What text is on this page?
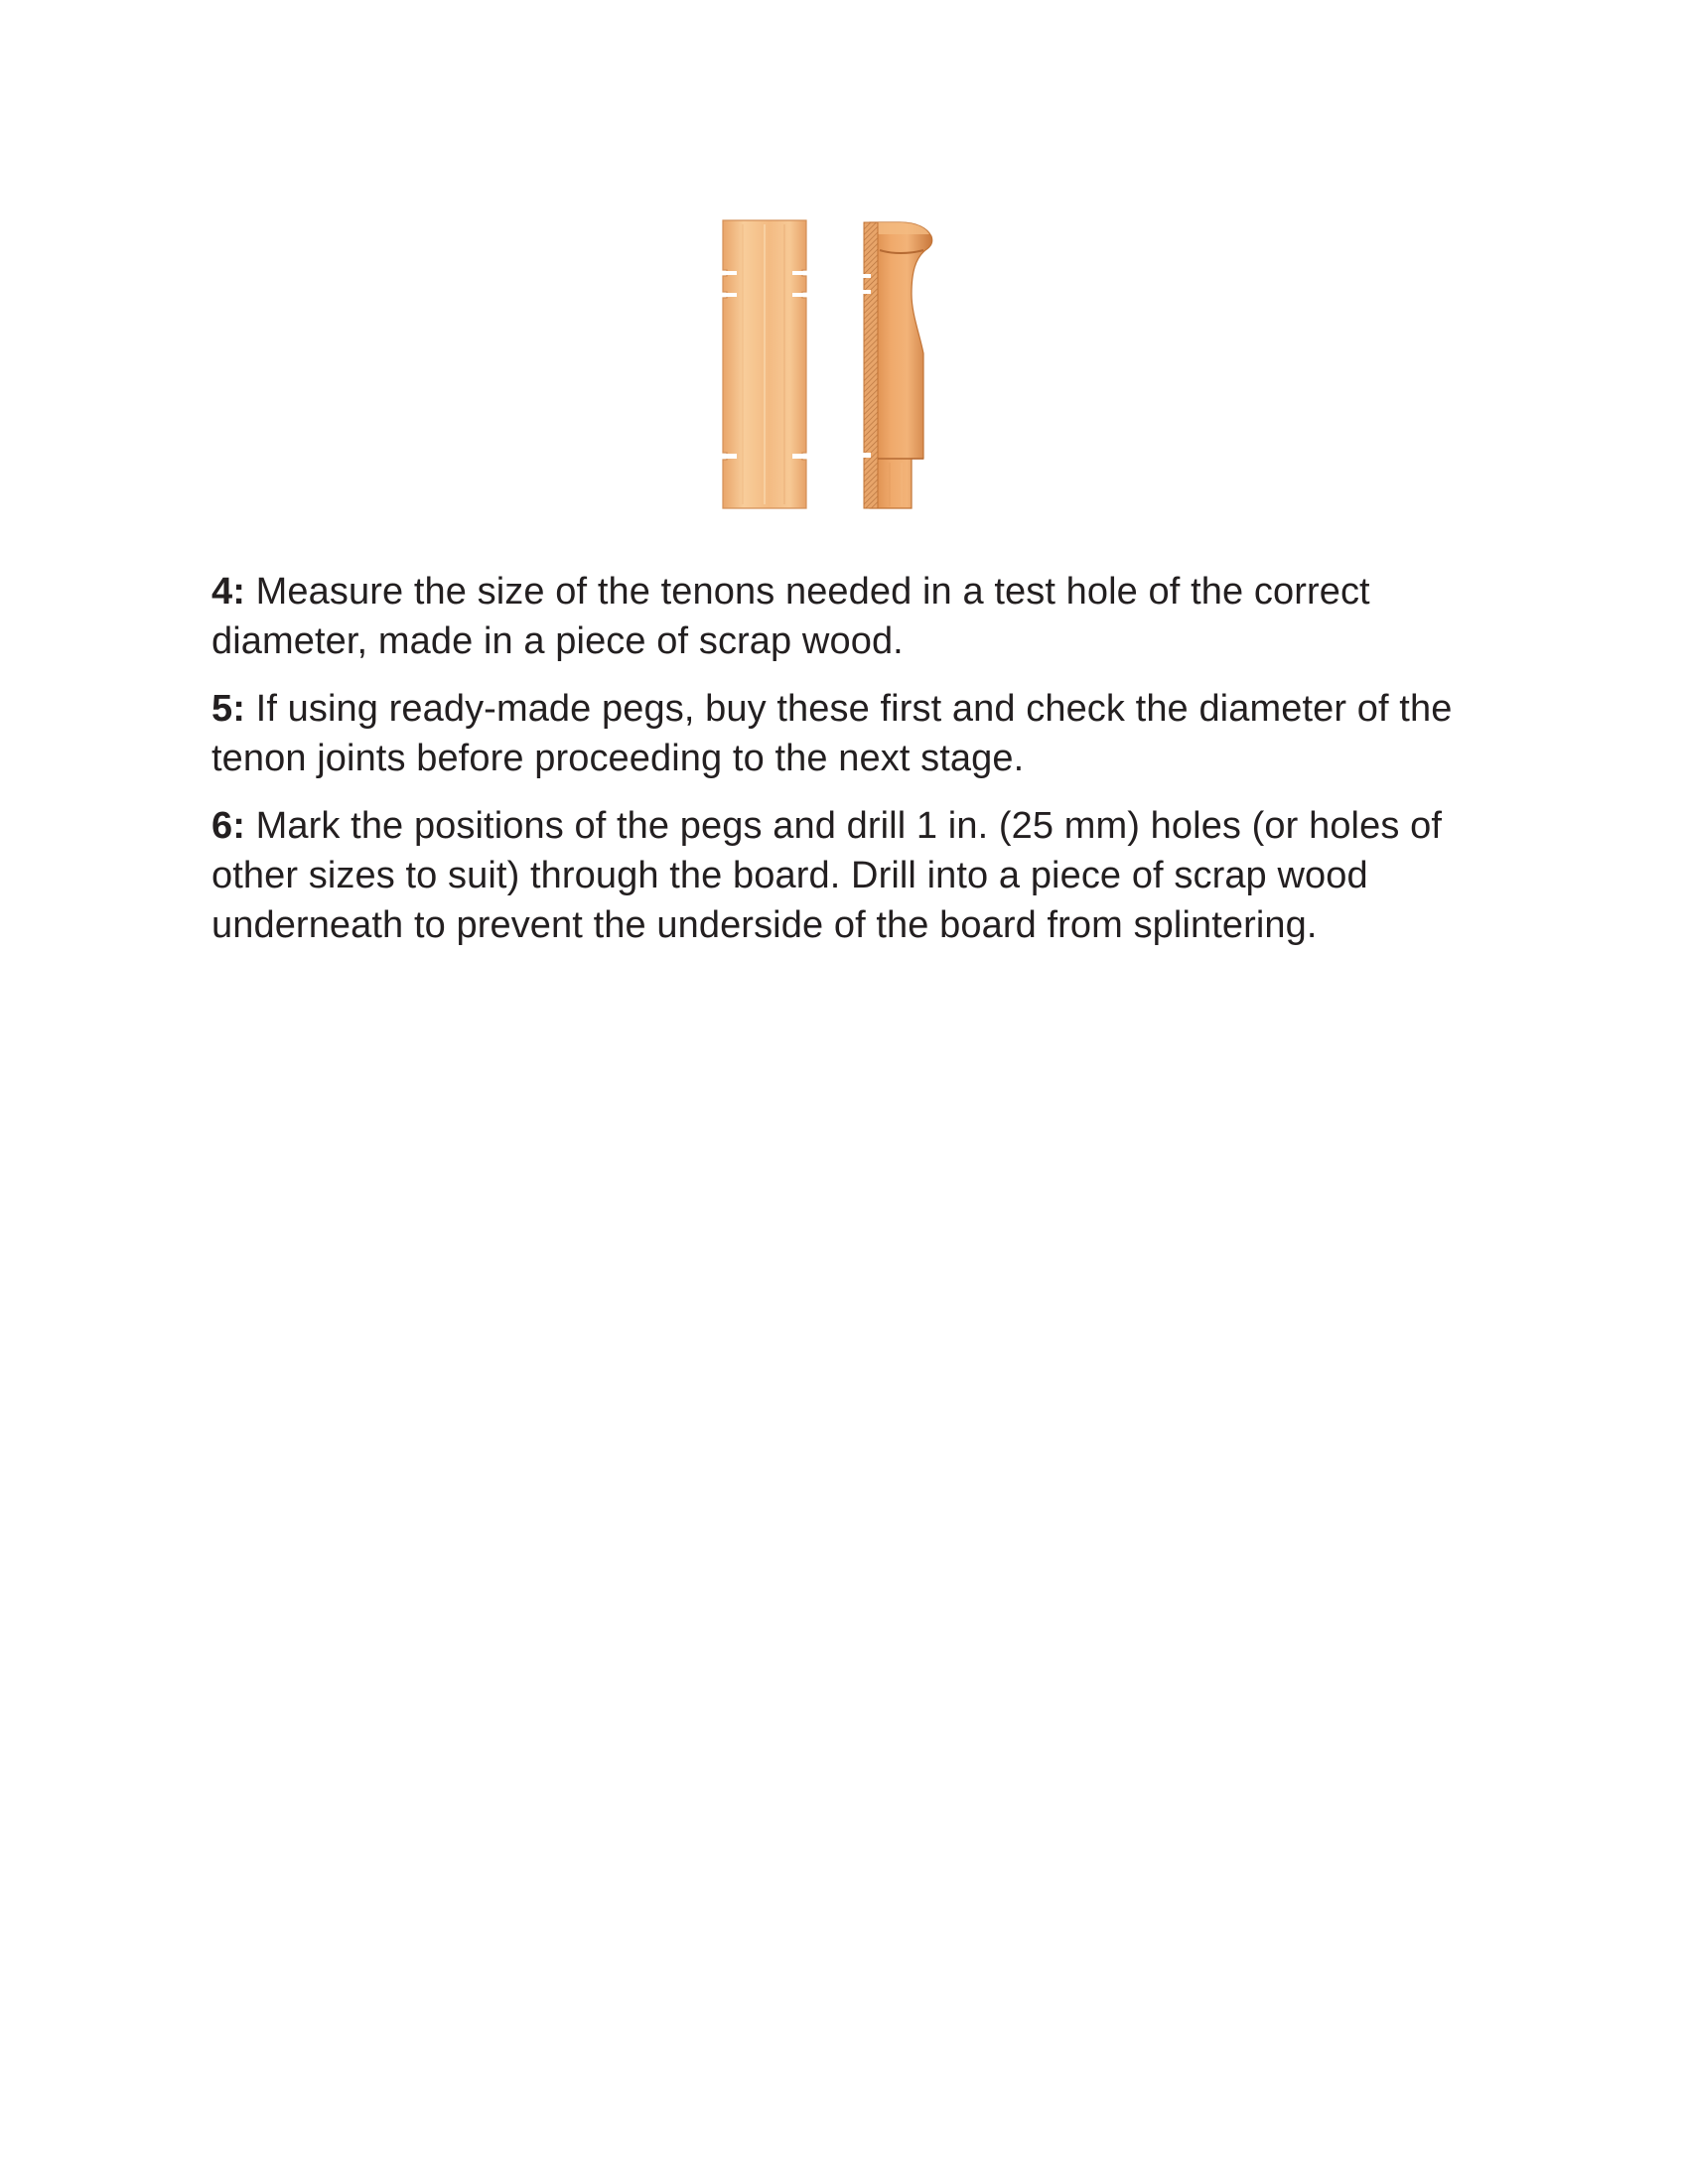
4: Measure the size of the tenons needed in a test hole of the correct diameter, made in a piece of scrap wood.

5: If using ready-made pegs, buy these first and check the diameter of the tenon joints before proceeding to the next stage.

6: Mark the positions of the pegs and drill 1 in. (25 mm) holes (or holes of other sizes to suit) through the board. Drill into a piece of scrap wood underneath to prevent the underside of the board from splintering.
